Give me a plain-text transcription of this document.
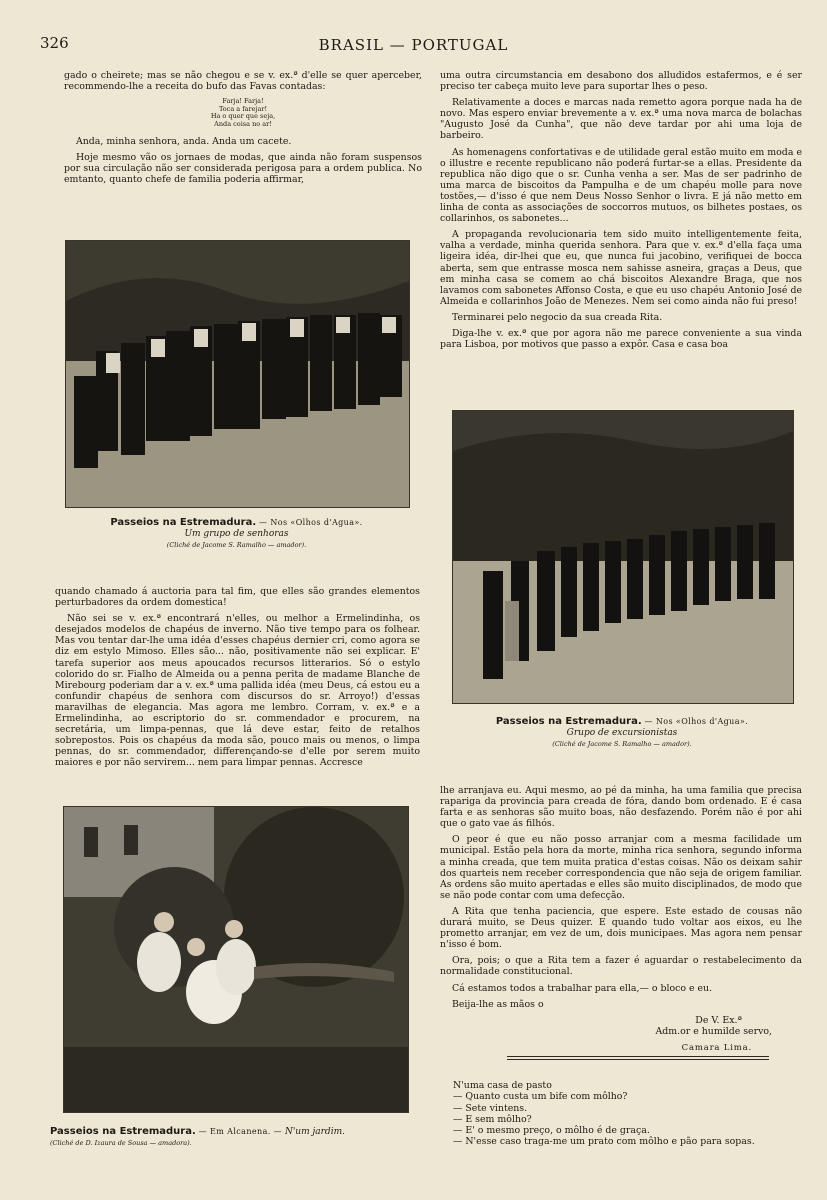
326	BRASIL — PORTUGAL

gado o cheirete; mas se não chegou e se v. ex.ª d'elle se quer aperceber, recommendo-lhe a receita do bufo das Favas contadas:

Farja! Farja!
Toca a farejar!
Ha o quer que seja,
Anda coisa no ar!

Anda, minha senhora, anda. Anda um cacete.

Hoje mesmo vão os jornaes de modas, que ainda não foram suspensos por sua circulação não ser considerada perigosa para a ordem publica. No emtanto, quanto chefe de familia poderia affirmar,

Passeios na Estremadura. — Nos «Olhos d'Agua».
Um grupo de senhoras
(Cliché de Jacome S. Ramalho — amador).

quando chamado á auctoria para tal fim, que elles são grandes elementos perturbadores da ordem domestica!

Não sei se v. ex.ª encontrará n'elles, ou melhor a Ermelindinha, os desejados modelos de chapéus de inverno. Não tive tempo para os folhear. Mas vou tentar dar-lhe uma idéa d'esses chapéus dernier cri, como agora se diz em estylo Mimoso. Elles são... não, positivamente não sei explicar. E' tarefa superior aos meus apoucados recursos litterarios. Só o estylo colorido do sr. Fialho de Almeida ou a penna perita de madame Blanche de Mirebourg poderiam dar a v. ex.ª uma pallida idéa (meu Deus, cá estou eu a confundir chapéus de senhora com discursos do sr. Arroyo!) d'essas maravilhas de elegancia. Mas agora me lembro. Corram, v. ex.ª e a Ermelindinha, ao escriptorio do sr. commendador e procurem, na secretária, um limpa-pennas, que lá deve estar, feito de retalhos sobrepostos. Pois os chapéus da moda são, pouco mais ou menos, o limpa pennas, do sr. commendador, differençando-se d'elle por serem muito maiores e por não servirem... nem para limpar pennas. Accresce

Passeios na Estremadura. — Em Alcanena. — N'um jardim.
(Cliché de D. Izaura de Sousa — amadora).

uma outra circumstancia em desabono dos alludidos estafermos, e é ser preciso ter cabeça muito leve para suportar lhes o peso.

Relativamente a doces e marcas nada remetto agora porque nada ha de novo. Mas espero enviar brevemente a v. ex.ª uma nova marca de bolachas "Augusto José da Cunha", que não deve tardar por ahi uma loja de barbeiro.

As homenagens confortativas e de utilidade geral estão muito em moda e o illustre e recente republicano não poderá furtar-se a ellas. Presidente da republica não digo que o sr. Cunha venha a ser. Mas de ser padrinho de uma marca de biscoitos da Pampulha e de um chapéu molle para nove tostões,— d'isso é que nem Deus Nosso Senhor o livra. E já não metto em linha de conta as associações de soccorros mutuos, os bilhetes postaes, os collarinhos, os sabonetes...

A propaganda revolucionaria tem sido muito intelligentemente feita, valha a verdade, minha querida senhora. Para que v. ex.ª d'ella faça uma ligeira idéa, dir-lhei que eu, que nunca fui jacobino, verifiquei de bocca aberta, sem que entrasse mosca nem sahisse asneira, graças a Deus, que em minha casa se comem ao chá biscoitos Alexandre Braga, que nos lavamos com sabonetes Affonso Costa, e que eu uso chapéu Antonio José de Almeida e collarinhos João de Menezes. Nem sei como ainda não fui preso!

Terminarei pelo negocio da sua creada Rita.

Diga-lhe v. ex.ª que por agora não me parece conveniente a sua vinda para Lisboa, por motivos que passo a expôr. Casa e casa boa

Passeios na Estremadura. — Nos «Olhos d'Agua».
Grupo de excursionistas
(Cliché de Jacome S. Ramalho — amador).

lhe arranjava eu. Aqui mesmo, ao pé da minha, ha uma familia que precisa rapariga da provincia para creada de fóra, dando bom ordenado. E é casa farta e as senhoras são muito boas, não desfazendo. Porém não é por ahi que o gato vae ás filhós.

O peor é que eu não posso arranjar com a mesma facilidade um municipal. Estão pela hora da morte, minha rica senhora, segundo informa a minha creada, que tem muita pratica d'estas coisas. Não os deixam sahir dos quarteis nem receber correspondencia que não seja de origem familiar. As ordens são muito apertadas e elles são muito disciplinados, de modo que se não pode contar com uma defecção.

A Rita que tenha paciencia, que espere. Este estado de cousas não durará muito, se Deus quizer. E quando tudo voltar aos eixos, eu lhe prometto arranjar, em vez de um, dois municipaes. Mas agora nem pensar n'isso é bom.

Ora, pois; o que a Rita tem a fazer é aguardar o restabelecimento da normalidade constitucional.

Cá estamos todos a trabalhar para ella,— o bloco e eu.

Beija-lhe as mãos o

De V. Ex.ª
Adm.or e humilde servo,
Camara Lima.
N'uma casa de pasto
— Quanto custa um bife com môlho?
— Sete vintens.
— E sem môlho?
— E' o mesmo preço, o môlho é de graça.
— N'esse caso traga-me um prato com môlho e pão para sopas.
